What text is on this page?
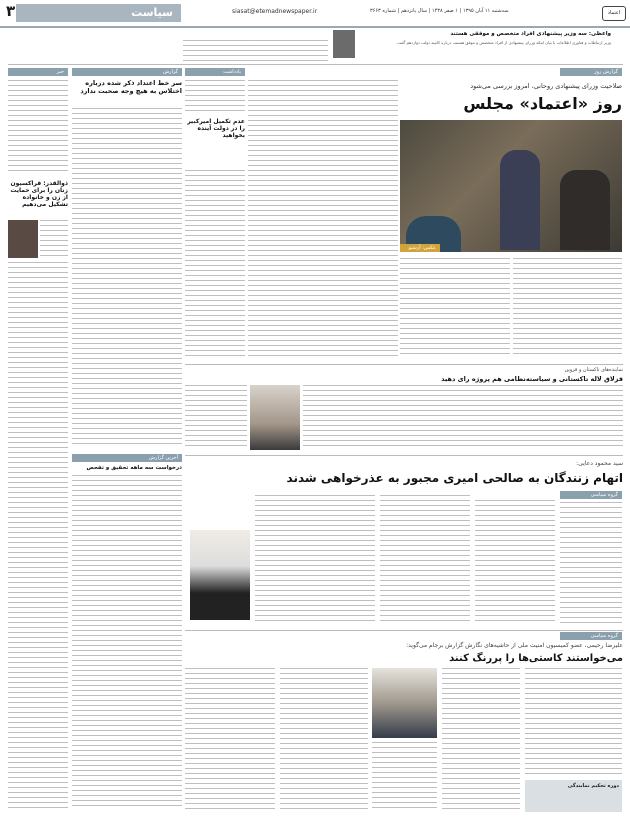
۳	سیاست	siasat@etemadnewspaper.ir	سه‌شنبه ۱۱ آبان ۱۳۹۵ | ۱ صفر ۱۴۳۸ | سال پانزدهم | شماره ۳۶۶۳	اعتماد
واعظی: سه وزیر پیشنهادی افراد متخصص و موفقی هستند
وزیر ارتباطات و فناوری اطلاعات با بیان اینکه وزرای پیشنهادی از افراد متخصص و موفق هستند، درباره کابینه دولت دوازدهم گفت.
خبر
ذوالقدر: فراکسیون زنان را برای حمایت از زن و خانواده تشکیل می‌دهیم
گزارش
سر خط اعتداد ذکر شده درباره اختلاس به هیچ وجه صحبت ندارد
آخرین گزارش
درخواست سه ماهه تحقیق و تفحص
یادداشت
عدم تکمیل امیرکبیر را در دولت آینده بخواهید
گزارش روز
صلاحیت وزرای پیشنهادی روحانی، امروز بررسی می‌شود
روز «اعتماد» مجلس
عکس: آرشیو
نماینده‌های تاکستان و قزوین
قزلاق لاله تاکستانی و سیاسته‌نظامی هم پروژه رای دهید
سید محمود دعایی:
اتهام زنندگان به صالحی امیری مجبور به عذرخواهی شدند
گروه سیاسی
گروه سیاسی
علیرضا رحیمی، عضو کمیسیون امنیت ملی از حاشیه‌های نگارش گزارش برجام می‌گوید:
می‌خواستند کاستی‌ها را پررنگ کنند
دوره تحکیم نمایندگی
